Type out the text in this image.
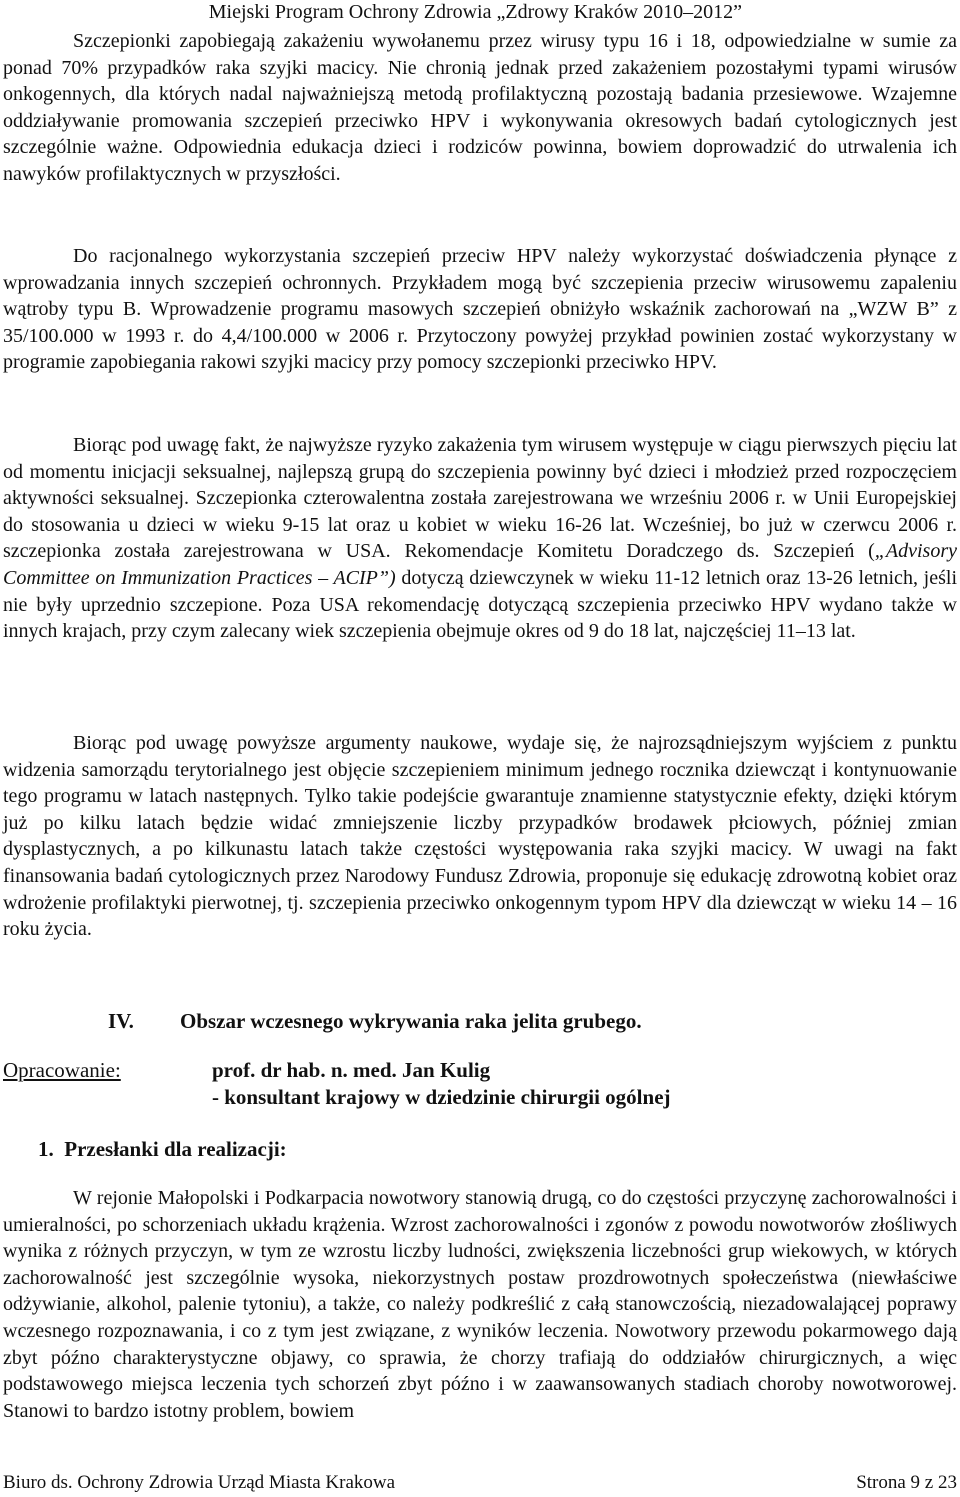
Miejski Program Ochrony Zdrowia „Zdrowy Kraków 2010–2012”

Szczepionki zapobiegają zakażeniu wywołanemu przez wirusy typu 16 i 18, odpowiedzialne w sumie za ponad 70% przypadków raka szyjki macicy. Nie chronią jednak przed zakażeniem pozostałymi typami wirusów onkogennych, dla których nadal najważniejszą metodą profilaktyczną pozostają badania przesiewowe. Wzajemne oddziaływanie promowania szczepień przeciwko HPV i wykonywania okresowych badań cytologicznych jest szczególnie ważne. Odpowiednia edukacja dzieci i rodziców powinna, bowiem doprowadzić do utrwalenia ich nawyków profilaktycznych w przyszłości.

Do racjonalnego wykorzystania szczepień przeciw HPV należy wykorzystać doświadczenia płynące z wprowadzania innych szczepień ochronnych. Przykładem mogą być szczepienia przeciw wirusowemu zapaleniu wątroby typu B. Wprowadzenie programu masowych szczepień obniżyło wskaźnik zachorowań na „WZW B” z 35/100.000 w 1993 r. do 4,4/100.000 w 2006 r. Przytoczony powyżej przykład powinien zostać wykorzystany w programie zapobiegania rakowi szyjki macicy przy pomocy szczepionki przeciwko HPV.

Biorąc pod uwagę fakt, że najwyższe ryzyko zakażenia tym wirusem występuje w ciągu pierwszych pięciu lat od momentu inicjacji seksualnej, najlepszą grupą do szczepienia powinny być dzieci i młodzież przed rozpoczęciem aktywności seksualnej. Szczepionka czterowalentna została zarejestrowana we wrześniu 2006 r. w Unii Europejskiej do stosowania u dzieci w wieku 9-15 lat oraz u kobiet w wieku 16-26 lat. Wcześniej, bo już w czerwcu 2006 r. szczepionka została zarejestrowana w USA. Rekomendacje Komitetu Doradczego ds. Szczepień („Advisory Committee on Immunization Practices – ACIP”) dotyczą dziewczynek w wieku 11-12 letnich oraz 13-26 letnich, jeśli nie były uprzednio szczepione. Poza USA rekomendację dotyczącą szczepienia przeciwko HPV wydano także w innych krajach, przy czym zalecany wiek szczepienia obejmuje okres od 9 do 18 lat, najczęściej 11–13 lat.

Biorąc pod uwagę powyższe argumenty naukowe, wydaje się, że najrozsądniejszym wyjściem z punktu widzenia samorządu terytorialnego jest objęcie szczepieniem minimum jednego rocznika dziewcząt i kontynuowanie tego programu w latach następnych. Tylko takie podejście gwarantuje znamienne statystycznie efekty, dzięki którym już po kilku latach będzie widać zmniejszenie liczby przypadków brodawek płciowych, później zmian dysplastycznych, a po kilkunastu latach także częstości występowania raka szyjki macicy. W uwagi na fakt finansowania badań cytologicznych przez Narodowy Fundusz Zdrowia, proponuje się edukację zdrowotną kobiet oraz wdrożenie profilaktyki pierwotnej, tj. szczepienia przeciwko onkogennym typom HPV dla dziewcząt w wieku 14 – 16 roku życia.

IV. Obszar wczesnego wykrywania raka jelita grubego.
Opracowanie:	prof. dr hab. n. med. Jan Kulig
- konsultant krajowy w dziedzinie chirurgii ogólnej
1.  Przesłanki dla realizacji:

W rejonie Małopolski i Podkarpacia nowotwory stanowią drugą, co do częstości przyczynę zachorowalności i umieralności, po schorzeniach układu krążenia. Wzrost zachorowalności i zgonów z powodu nowotworów złośliwych wynika z różnych przyczyn, w tym ze wzrostu liczby ludności, zwiększenia liczebności grup wiekowych, w których zachorowalność jest szczególnie wysoka, niekorzystnych postaw prozdrowotnych społeczeństwa (niewłaściwe odżywianie, alkohol, palenie tytoniu), a także, co należy podkreślić z całą stanowczością, niezadowalającej poprawy wczesnego rozpoznawania, i co z tym jest związane, z wyników leczenia. Nowotwory przewodu pokarmowego dają zbyt późno charakterystyczne objawy, co sprawia, że chorzy trafiają do oddziałów chirurgicznych, a więc podstawowego miejsca leczenia tych schorzeń zbyt późno i w zaawansowanych stadiach choroby nowotworowej. Stanowi to bardzo istotny problem, bowiem

Biuro ds. Ochrony Zdrowia Urząd Miasta Krakowa	Strona 9 z 23
